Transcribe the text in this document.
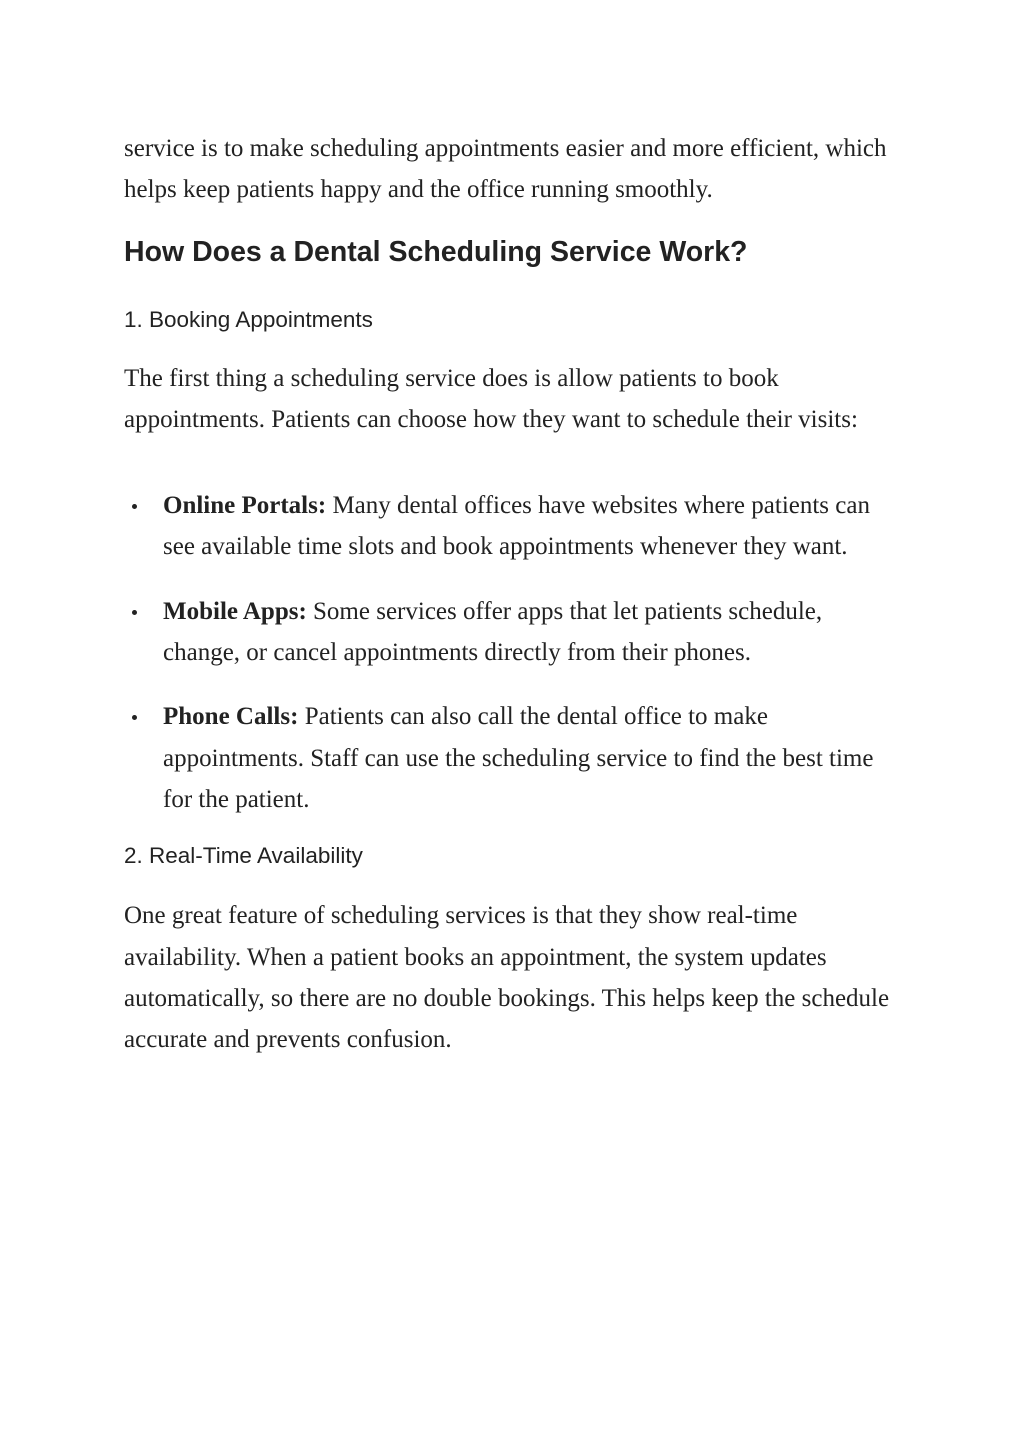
service is to make scheduling appointments easier and more efficient, which helps keep patients happy and the office running smoothly.

How Does a Dental Scheduling Service Work?
1. Booking Appointments

The first thing a scheduling service does is allow patients to book appointments. Patients can choose how they want to schedule their visits:

Online Portals: Many dental offices have websites where patients can see available time slots and book appointments whenever they want.
Mobile Apps: Some services offer apps that let patients schedule, change, or cancel appointments directly from their phones.
Phone Calls: Patients can also call the dental office to make appointments. Staff can use the scheduling service to find the best time for the patient.
2. Real-Time Availability

One great feature of scheduling services is that they show real-time availability. When a patient books an appointment, the system updates automatically, so there are no double bookings. This helps keep the schedule accurate and prevents confusion.
